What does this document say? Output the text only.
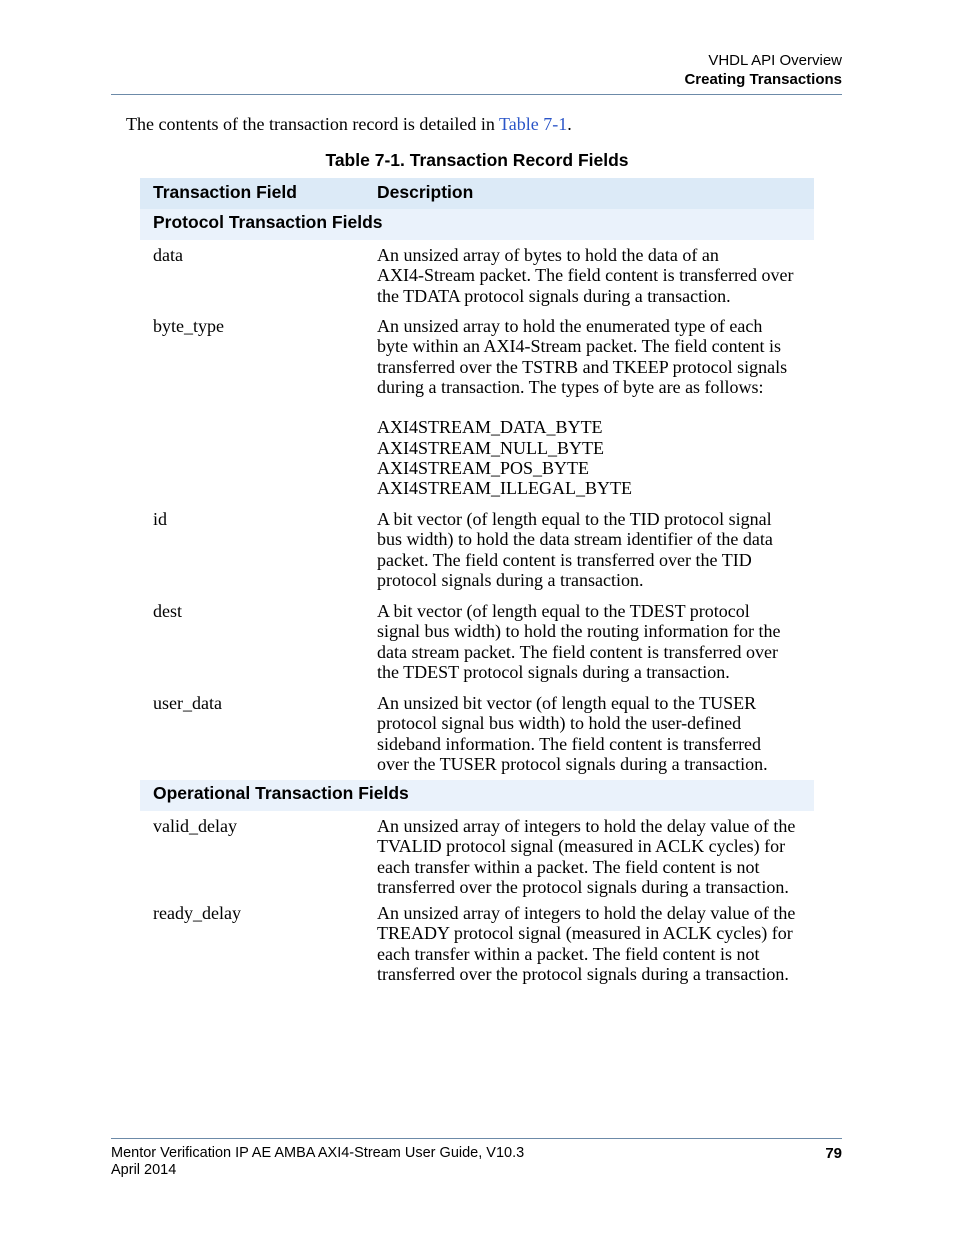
VHDL API Overview
Creating Transactions
The contents of the transaction record is detailed in Table 7-1.
Table 7-1. Transaction Record Fields
Transaction Field	Description
Protocol Transaction Fields
data	An unsized array of bytes to hold the data of an
AXI4-Stream packet. The field content is transferred over
the TDATA protocol signals during a transaction.
byte_type	An unsized array to hold the enumerated type of each
byte within an AXI4-Stream packet. The field content is
transferred over the TSTRB and TKEEP protocol signals
during a transaction. The types of byte are as follows:

AXI4STREAM_DATA_BYTE
AXI4STREAM_NULL_BYTE
AXI4STREAM_POS_BYTE
AXI4STREAM_ILLEGAL_BYTE
id	A bit vector (of length equal to the TID protocol signal
bus width) to hold the data stream identifier of the data
packet. The field content is transferred over the TID
protocol signals during a transaction.
dest	A bit vector (of length equal to the TDEST protocol
signal bus width) to hold the routing information for the
data stream packet. The field content is transferred over
the TDEST protocol signals during a transaction.
user_data	An unsized bit vector (of length equal to the TUSER
protocol signal bus width) to hold the user-defined
sideband information. The field content is transferred
over the TUSER protocol signals during a transaction.
Operational Transaction Fields
valid_delay	An unsized array of integers to hold the delay value of the
TVALID protocol signal (measured in ACLK cycles) for
each transfer within a packet. The field content is not
transferred over the protocol signals during a transaction.
ready_delay	An unsized array of integers to hold the delay value of the
TREADY protocol signal (measured in ACLK cycles) for
each transfer within a packet. The field content is not
transferred over the protocol signals during a transaction.
Mentor Verification IP AE AMBA AXI4-Stream User Guide, V10.3
April 2014
79
